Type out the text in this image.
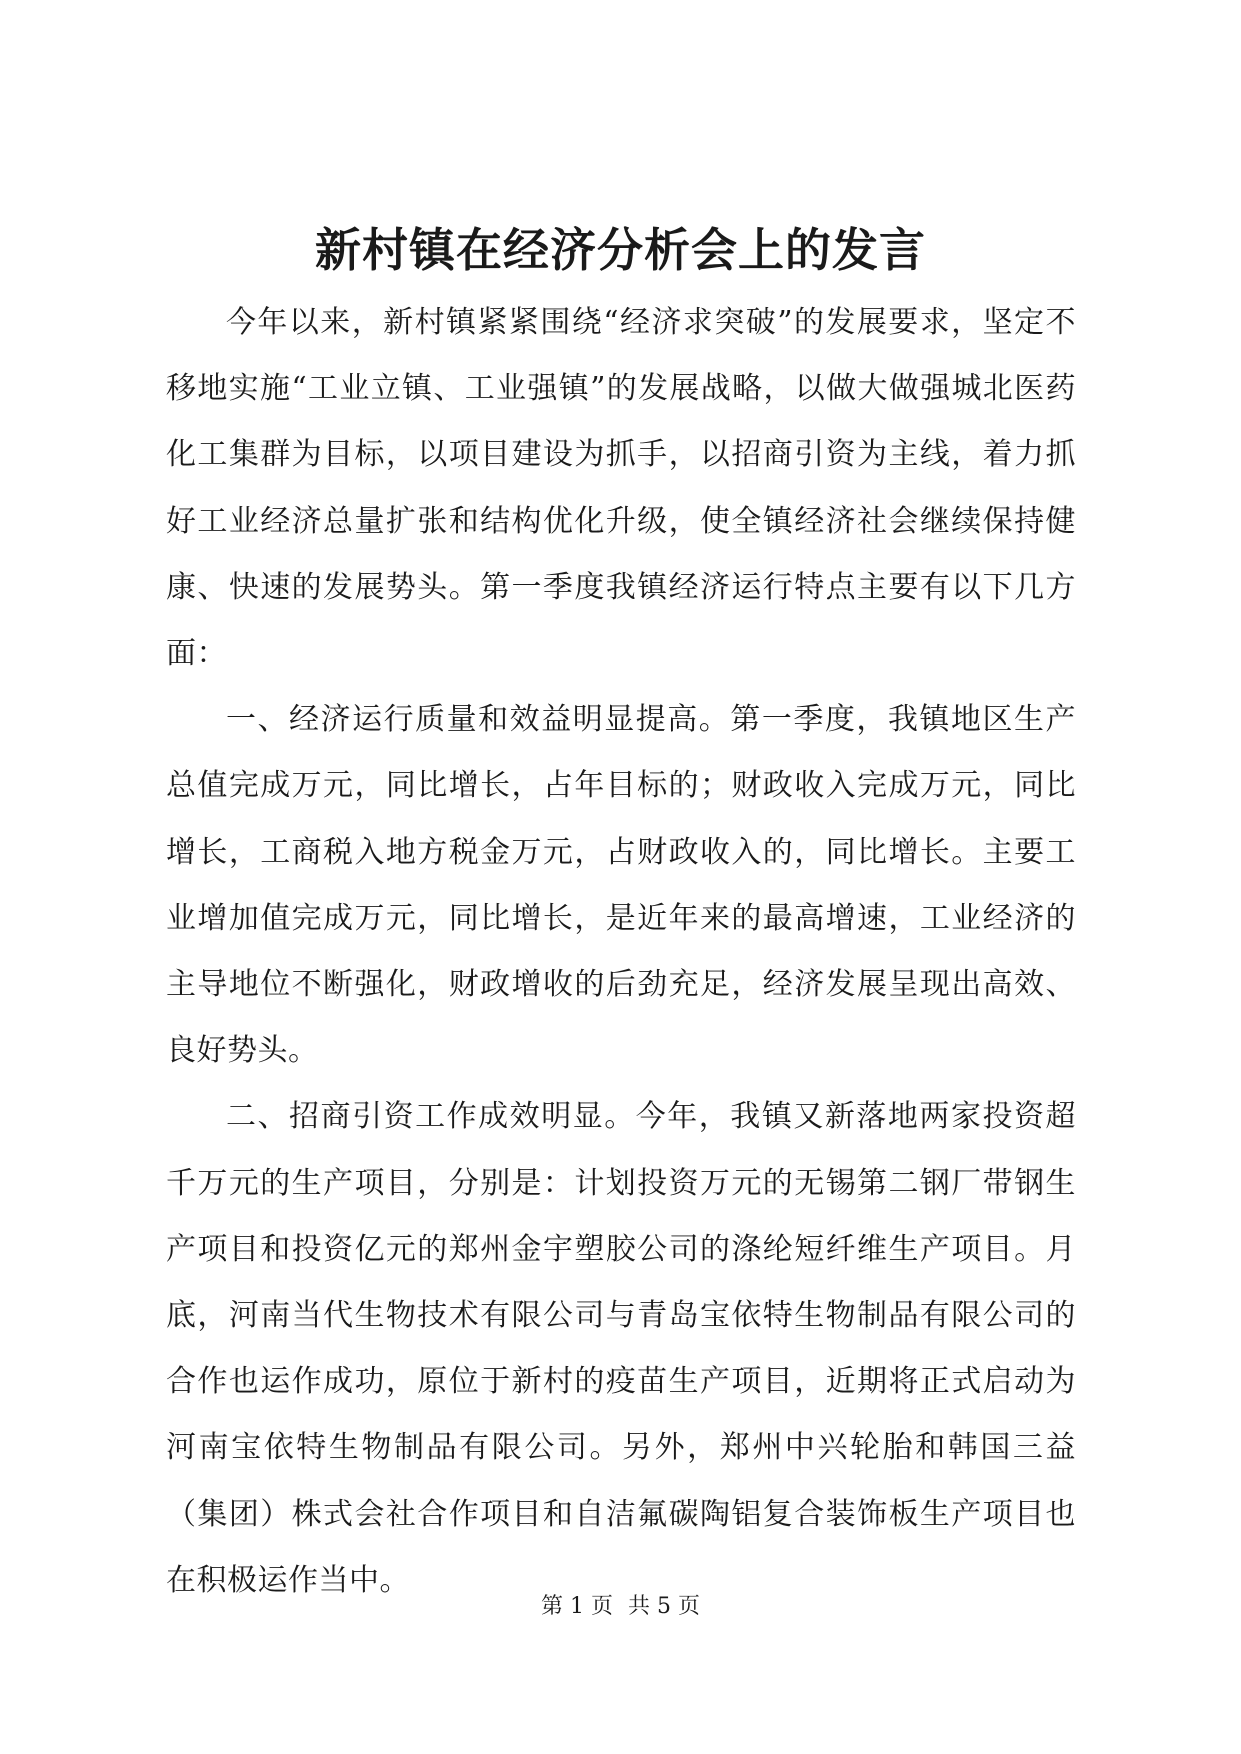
新村镇在经济分析会上的发言

今年以来，新村镇紧紧围绕“经济求突破”的发展要求，坚定不移地实施“工业立镇、工业强镇”的发展战略，以做大做强城北医药化工集群为目标，以项目建设为抓手，以招商引资为主线，着力抓好工业经济总量扩张和结构优化升级，使全镇经济社会继续保持健康、快速的发展势头。第一季度我镇经济运行特点主要有以下几方面：

一、经济运行质量和效益明显提高。第一季度，我镇地区生产总值完成万元，同比增长，占年目标的；财政收入完成万元，同比增长，工商税入地方税金万元，占财政收入的，同比增长。主要工业增加值完成万元，同比增长，是近年来的最高增速，工业经济的主导地位不断强化，财政增收的后劲充足，经济发展呈现出高效、良好势头。

二、招商引资工作成效明显。今年，我镇又新落地两家投资超千万元的生产项目，分别是：计划投资万元的无锡第二钢厂带钢生产项目和投资亿元的郑州金宇塑胶公司的涤纶短纤维生产项目。月底，河南当代生物技术有限公司与青岛宝依特生物制品有限公司的合作也运作成功，原位于新村的疫苗生产项目，近期将正式启动为河南宝依特生物制品有限公司。另外，郑州中兴轮胎和韩国三益（集团）株式会社合作项目和自洁氟碳陶铝复合装饰板生产项目也在积极运作当中。

第 1 页 共 5 页
